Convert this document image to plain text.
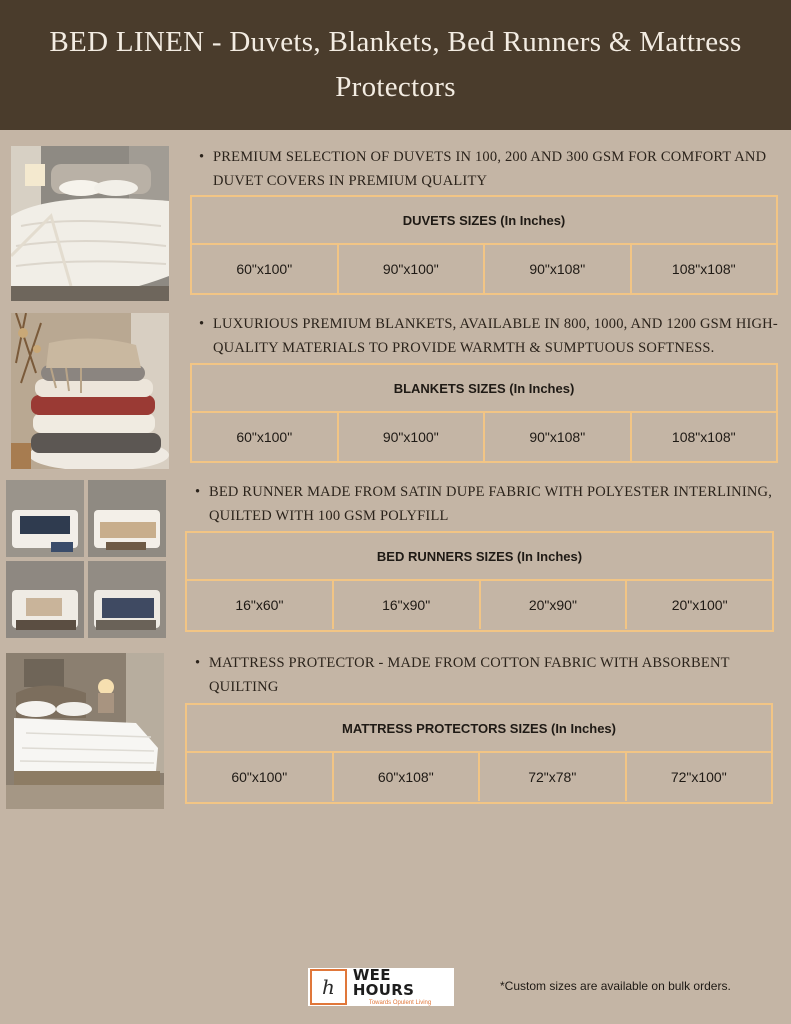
BED LINEN - Duvets, Blankets, Bed Runners & Mattress Protectors
• PREMIUM SELECTION OF DUVETS IN 100, 200 AND 300 GSM FOR COMFORT AND DUVET COVERS IN PREMIUM QUALITY
DUVETS SIZES (In Inches)
60"x100"	90"x100"	90"x108"	108"x108"
• LUXURIOUS PREMIUM BLANKETS, AVAILABLE IN 800, 1000, AND 1200 GSM HIGH-QUALITY MATERIALS TO PROVIDE WARMTH & SUMPTUOUS SOFTNESS.
BLANKETS SIZES (In Inches)
60"x100"	90"x100"	90"x108"	108"x108"
• BED RUNNER MADE FROM SATIN DUPE FABRIC WITH POLYESTER INTERLINING, QUILTED WITH 100 GSM POLYFILL
BED RUNNERS SIZES (In Inches)
16"x60"	16"x90"	20"x90"	20"x100"
• MATTRESS PROTECTOR - MADE FROM COTTON FABRIC WITH ABSORBENT QUILTING
MATTRESS PROTECTORS SIZES (In Inches)
60"x100"	60"x108"	72"x78"	72"x100"
h	WEE HOURS
Towards Opulent Living
*Custom sizes are available on bulk orders.
